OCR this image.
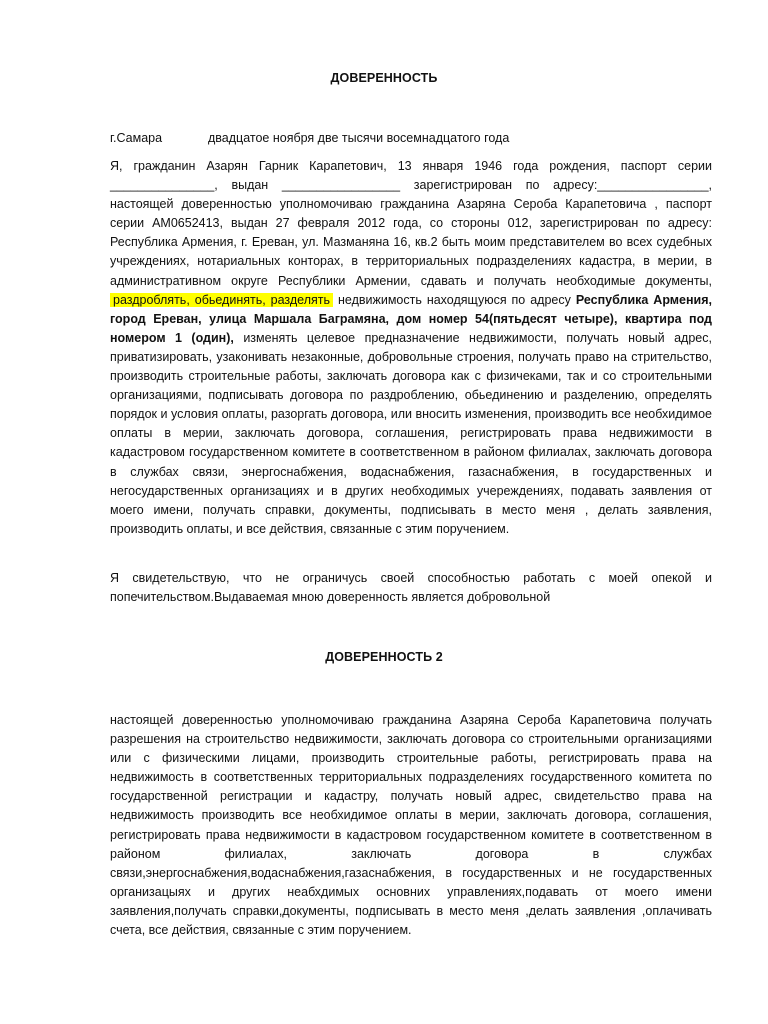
ДОВЕРЕННОСТЬ
г.Самара	двадцатое ноября две тысячи восемнадцатого года

Я, гражданин Азарян Гарник Карапетович, 13 января 1946 года рождения, паспорт серии _______________, выдан _________________ зарегистрирован по адресу:________________, настоящей доверенностью уполномочиваю гражданина Азаряна Сероба Карапетовича , паспорт серии АМ0652413, выдан 27 февраля 2012 года, со стороны 012, зарегистрирован по адресу: Республика Армения, г. Ереван, ул. Мазманяна 16, кв.2 быть моим представителем во всех судебных учреждениях, нотариальных конторах, в территориальных подразделениях кадастра, в мерии, в административном округе Республики Армении, сдавать и получать необходимые документы, раздроблять, обьединять, разделять недвижимость находящуюся по адресу Республика Армения, город Ереван, улица Маршала Баграмяна, дом номер 54(пятьдесят четыре), квартира под номером 1 (один), изменять целевое предназначение недвижимости, получать новый адрес, приватизировать, узаконивать незаконные, добровольные строения, получать право на стрительство, производить строительные работы, заключать договора как с физичеками, так и со строительными организациями, подписывать договора по раздроблению, обьединению и разделению, определять порядок и условия оплаты, разоргать договора, или вносить изменения, производить все необхидимое оплаты в мерии, заключать договора, соглашения, регистрировать права недвижимости в кадастровом государственном комитете в соответственном в районом филиалах, заключать договора в службах связи, энергоснабжения, водаснабжения, газаснабжения, в государственных и негосударственных организациях и в других необходимых учереждениях, подавать заявления от моего имени, получать справки, документы, подписывать в место меня , делать заявления, производить оплаты, и все действия, связанные с этим поручением.

Я свидетельствую, что не ограничусь своей способностью работать с моей опекой и попечительством.Выдаваемая мною доверенность является добровольной

ДОВЕРЕННОСТЬ 2

настоящей доверенностью уполномочиваю гражданина Азаряна Сероба Карапетовича получать разрешения на строительство недвижимости, заключать договора со строительными организациями или с физическими лицами, производить строительные работы, регистрировать права на недвижимость в соответственных территориальных подразделениях государственного комитета по государственной регистрации и кадастру, получать новый адрес, свидетельство права на недвижимость производить все необхидимое оплаты в мерии, заключать договора, соглашения, регистрировать права недвижимости в кадастровом государственном комитете в соответственном в районом филиалах, заключать договора в службах связи,энергоснабжения,водаснабжения,газаснабжения, в государственных и не государственных организацыях и других неабхдимых основних управлениях,подавать от моего имени заявления,получать справки,документы, подписывать в место меня ,делать заявления ,оплачивать счета, все действия, связанные с этим поручением.
